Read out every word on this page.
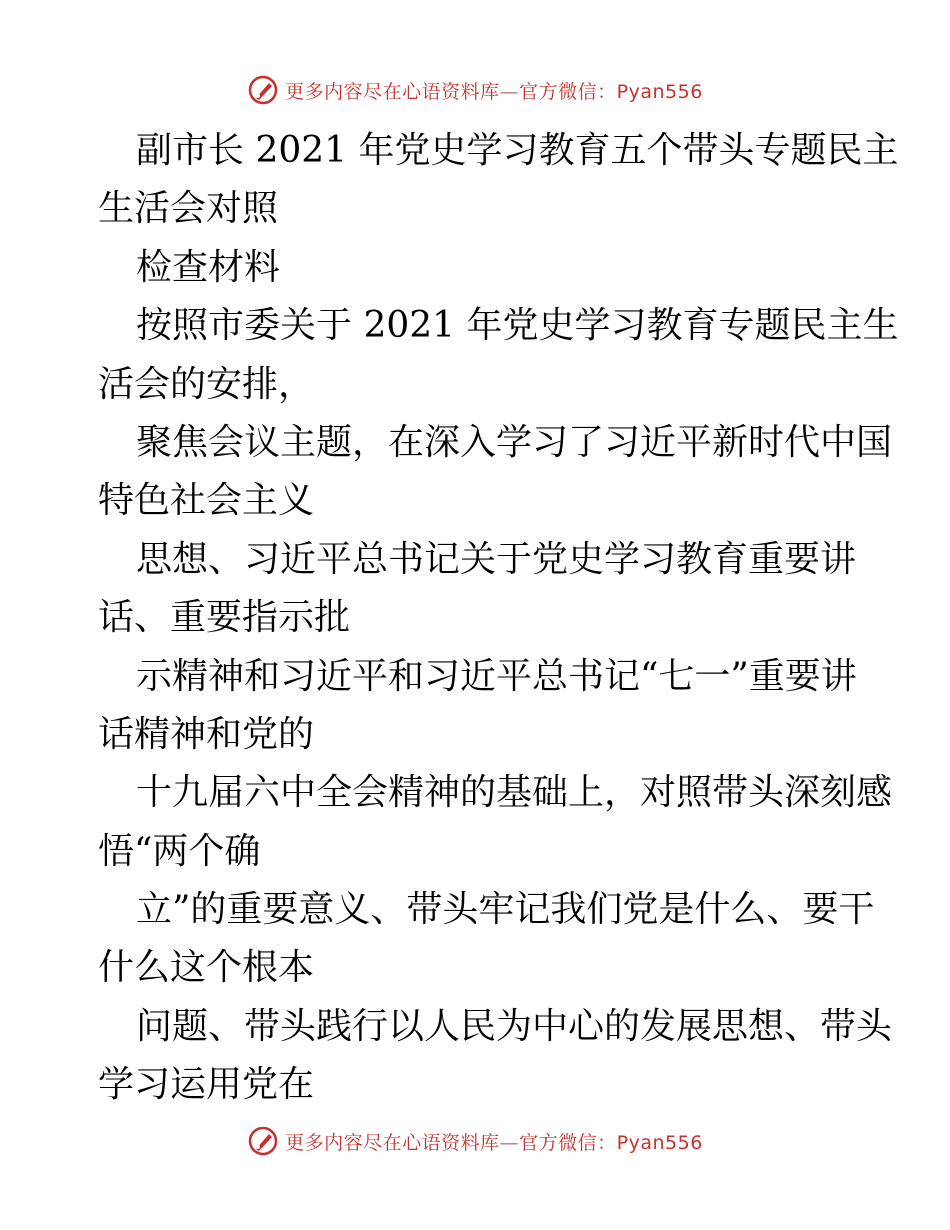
更多内容尽在心语资料库—官方微信：Pyan556
副市长 2021 年党史学习教育五个带头专题民主
生活会对照
检查材料
按照市委关于 2021 年党史学习教育专题民主生
活会的安排，
聚焦会议主题，在深入学习了习近平新时代中国
特色社会主义
思想、习近平总书记关于党史学习教育重要讲
话、重要指示批
示精神和习近平和习近平总书记“七一”重要讲
话精神和党的
十九届六中全会精神的基础上，对照带头深刻感
悟“两个确
立”的重要意义、带头牢记我们党是什么、要干
什么这个根本
问题、带头践行以人民为中心的发展思想、带头
学习运用党在
更多内容尽在心语资料库—官方微信：Pyan556
